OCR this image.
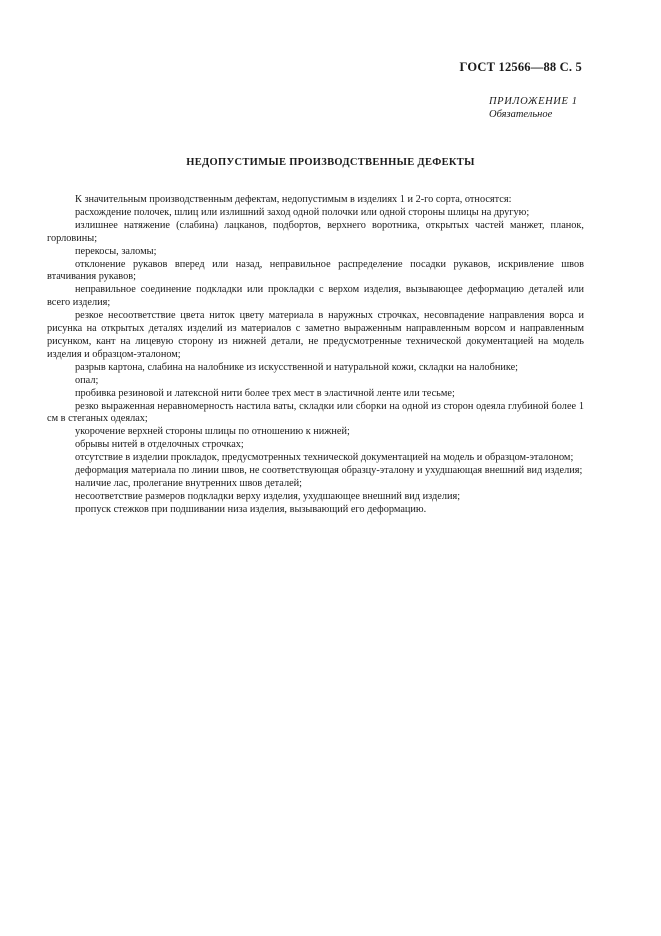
ГОСТ 12566—88 С. 5
ПРИЛОЖЕНИЕ 1
Обязательное
НЕДОПУСТИМЫЕ ПРОИЗВОДСТВЕННЫЕ ДЕФЕКТЫ

К значительным производственным дефектам, недопустимым в изделиях 1 и 2-го сорта, относятся:

расхождение полочек, шлиц или излишний заход одной полочки или одной стороны шлицы на другую;

излишнее натяжение (слабина) лацканов, подбортов, верхнего воротника, открытых частей манжет, планок, горловины;

перекосы, заломы;

отклонение рукавов вперед или назад, неправильное распределение посадки рукавов, искривление швов втачивания рукавов;

неправильное соединение подкладки или прокладки с верхом изделия, вызывающее деформацию деталей или всего изделия;

резкое несоответствие цвета ниток цвету материала в наружных строчках, несовпадение направления ворса и рисунка на открытых деталях изделий из материалов с заметно выраженным направленным ворсом и направленным рисунком, кант на лицевую сторону из нижней детали, не предусмотренные технической документацией на модель изделия и образцом-эталоном;

разрыв картона, слабина на налобнике из искусственной и натуральной кожи, складки на налобнике;

опал;

пробивка резиновой и латексной нити более трех мест в эластичной ленте или тесьме;

резко выраженная неравномерность настила ваты, складки или сборки на одной из сторон одеяла глубиной более 1 см в стеганых одеялах;

укорочение верхней стороны шлицы по отношению к нижней;

обрывы нитей в отделочных строчках;

отсутствие в изделии прокладок, предусмотренных технической документацией на модель и образцом-эталоном;

деформация материала по линии швов, не соответствующая образцу-эталону и ухудшающая внешний вид изделия;

наличие лас, пролегание внутренних швов деталей;

несоответствие размеров подкладки верху изделия, ухудшающее внешний вид изделия;

пропуск стежков при подшивании низа изделия, вызывающий его деформацию.
